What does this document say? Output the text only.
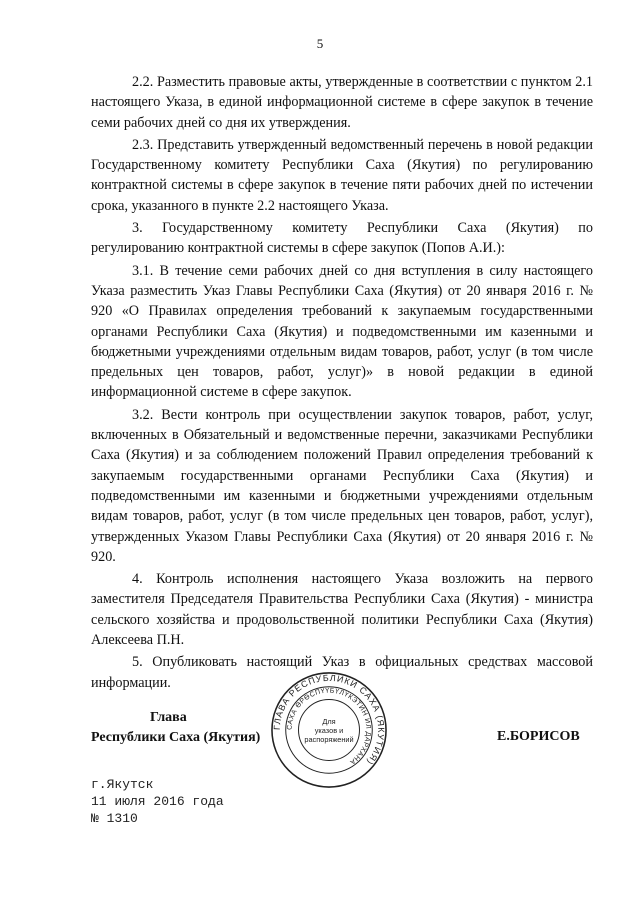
5

2.2. Разместить правовые акты, утвержденные в соответствии с пунктом 2.1 настоящего Указа, в единой информационной системе в сфере закупок в течение семи рабочих дней со дня их утверждения.

2.3. Представить утвержденный ведомственный перечень в новой редакции Государственному комитету Республики Саха (Якутия) по регулированию контрактной системы в сфере закупок в течение пяти рабочих дней по истечении срока, указанного в пункте 2.2 настоящего Указа.

3. Государственному комитету Республики Саха (Якутия) по регулированию контрактной системы в сфере закупок (Попов А.И.):

3.1. В течение семи рабочих дней со дня вступления в силу настоящего Указа разместить Указ Главы Республики Саха (Якутия) от 20 января 2016 г. № 920 «О Правилах определения требований к закупаемым государственными органами Республики Саха (Якутия) и подведомственными им казенными и бюджетными учреждениями отдельным видам товаров, работ, услуг (в том числе предельных цен товаров, работ, услуг)» в новой редакции в единой информационной системе в сфере закупок.

3.2. Вести контроль при осуществлении закупок товаров, работ, услуг, включенных в Обязательный и ведомственные перечни, заказчиками Республики Саха (Якутия) и за соблюдением положений Правил определения требований к закупаемым государственными органами Республики Саха (Якутия) и подведомственными им казенными и бюджетными учреждениями отдельным видам товаров, работ, услуг (в том числе предельных цен товаров, работ, услуг), утвержденных Указом Главы Республики Саха (Якутия) от 20 января 2016 г. № 920.

4. Контроль исполнения настоящего Указа возложить на первого заместителя Председателя Правительства Республики Саха (Якутия) - министра сельского хозяйства и продовольственной политики Республики Саха (Якутия) Алексеева П.Н.

5. Опубликовать настоящий Указ в официальных средствах массовой информации.

Глава
Республики Саха (Якутия)
ГЛАВА РЕСПУБЛИКИ САХА (ЯКУТИЯ)
САХА ӨРӨСПҮҮБҮЛҮКЭТИН ИЛ ДАРХАНА
Для
указов и
распоряжений	Е.БОРИСОВ
г.Якутск
11 июля 2016 года
№ 1310
